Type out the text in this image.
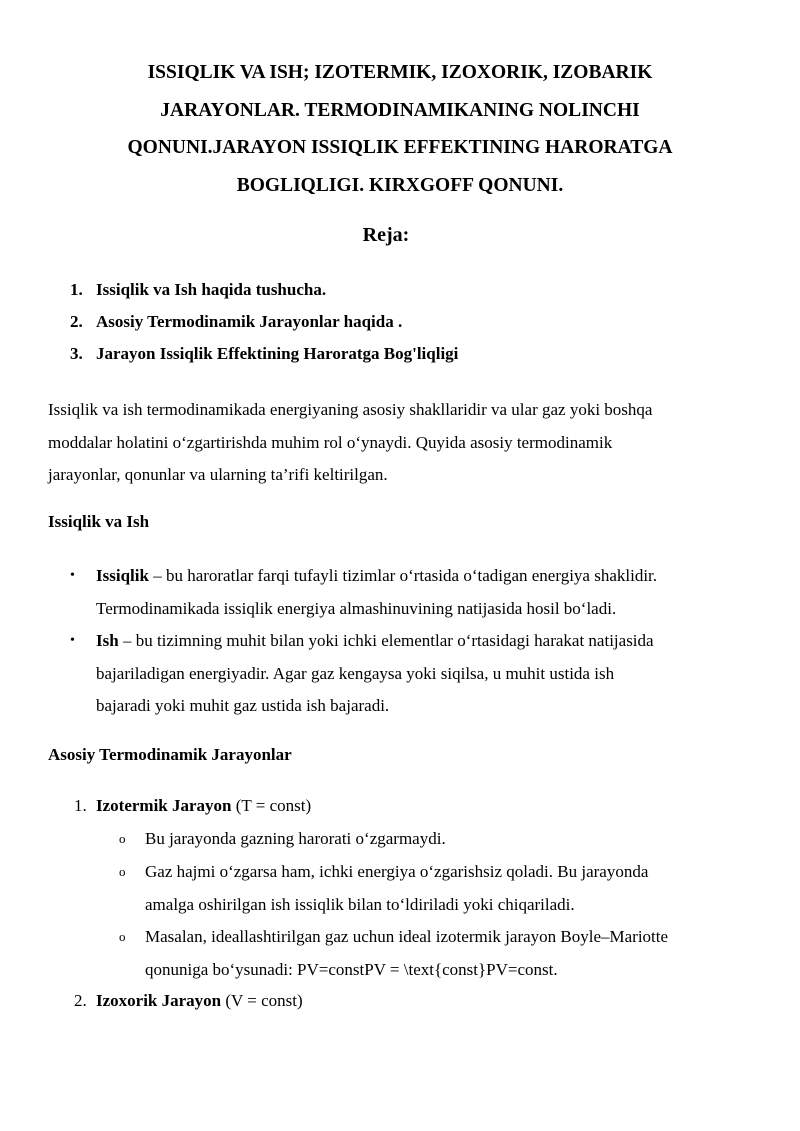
ISSIQLIK VA ISH; IZOTERMIK, IZOXORIK, IZOBARIK
JARAYONLAR. TERMODINAMIKANING NOLINCHI
QONUNI.JARAYON ISSIQLIK EFFEKTINING HARORATGA
BOGLIQLIGI. KIRXGOFF QONUNI.
Reja:
1. Issiqlik va Ish haqida tushucha.
2. Asosiy Termodinamik Jarayonlar haqida .
3. Jarayon Issiqlik Effektining Haroratga Bog'liqligi
Issiqlik va ish termodinamikada energiyaning asosiy shakllaridir va ular gaz yoki boshqa
moddalar holatini o‘zgartirishda muhim rol o‘ynaydi. Quyida asosiy termodinamik
jarayonlar, qonunlar va ularning ta’rifi keltirilgan.
Issiqlik va Ish
• Issiqlik – bu haroratlar farqi tufayli tizimlar o‘rtasida o‘tadigan energiya shaklidir.
Termodinamikada issiqlik energiya almashinuvining natijasida hosil bo‘ladi.
• Ish – bu tizimning muhit bilan yoki ichki elementlar o‘rtasidagi harakat natijasida
bajariladigan energiyadir. Agar gaz kengaysa yoki siqilsa, u muhit ustida ish
bajaradi yoki muhit gaz ustida ish bajaradi.
Asosiy Termodinamik Jarayonlar
1. Izotermik Jarayon (T = const)
o Bu jarayonda gazning harorati o‘zgarmaydi.
o Gaz hajmi o‘zgarsa ham, ichki energiya o‘zgarishsiz qoladi. Bu jarayonda
amalga oshirilgan ish issiqlik bilan to‘ldiriladi yoki chiqariladi.
o Masalan, ideallashtirilgan gaz uchun ideal izotermik jarayon Boyle–Mariotte
qonuniga bo‘ysunadi: PV=constPV = \text{const}PV=const.
2. Izoxorik Jarayon (V = const)
